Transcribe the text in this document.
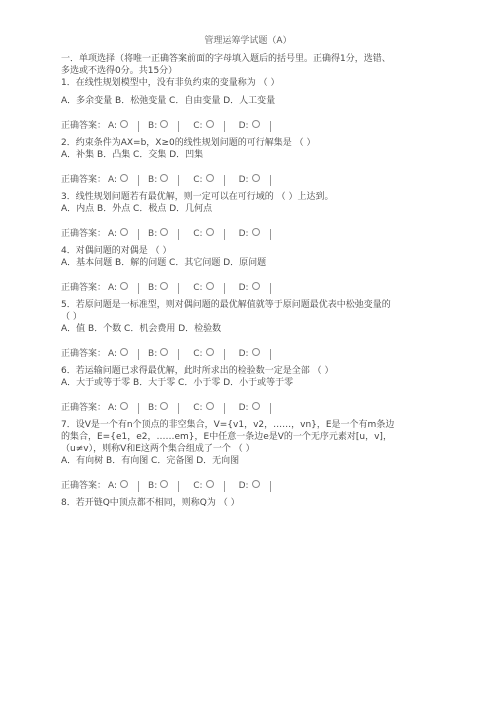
管理运筹学试题（A）
一．单项选择（将唯一正确答案前面的字母填入题后的括号里。正确得1分，选错、多选或不选得0分。共15分）
1．在线性规划模型中，没有非负约束的变量称为 （ ）
A．多余变量 B．松弛变量 C．自由变量 D．人工变量
正确答案： A:	B:	C:	D:
2．约束条件为AX=b，X≥0的线性规划问题的可行解集是 （ ）
A．补集 B．凸集 C．交集 D．凹集
正确答案： A:	B:	C:	D:
3．线性规划问题若有最优解，则一定可以在可行域的 （ ）上达到。
A．内点 B．外点 C．极点 D．几何点
正确答案： A:	B:	C:	D:
4．对偶问题的对偶是 （ ）
A．基本问题 B．解的问题 C．其它问题 D．原问题
正确答案： A:	B:	C:	D:
5．若原问题是一标准型，则对偶问题的最优解值就等于原问题最优表中松弛变量的 （ ）
A．值 B．个数 C．机会费用 D．检验数
正确答案： A:	B:	C:	D:
6．若运输问题已求得最优解，此时所求出的检验数一定是全部 （ ）
A．大于或等于零 B．大于零 C．小于零 D．小于或等于零
正确答案： A:	B:	C:	D:
7．设V是一个有n个顶点的非空集合，V={v1，v2，……，vn}，E是一个有m条边的集合，E={e1，e2，……em}，E中任意一条边e是V的一个无序元素对[u，v]，（u≠v），则称V和E这两个集合组成了一个 （ ）
A．有向树 B．有向图 C．完备图 D．无向图
正确答案： A:	B:	C:	D:
8．若开链Q中顶点都不相同，则称Q为 （ ）
